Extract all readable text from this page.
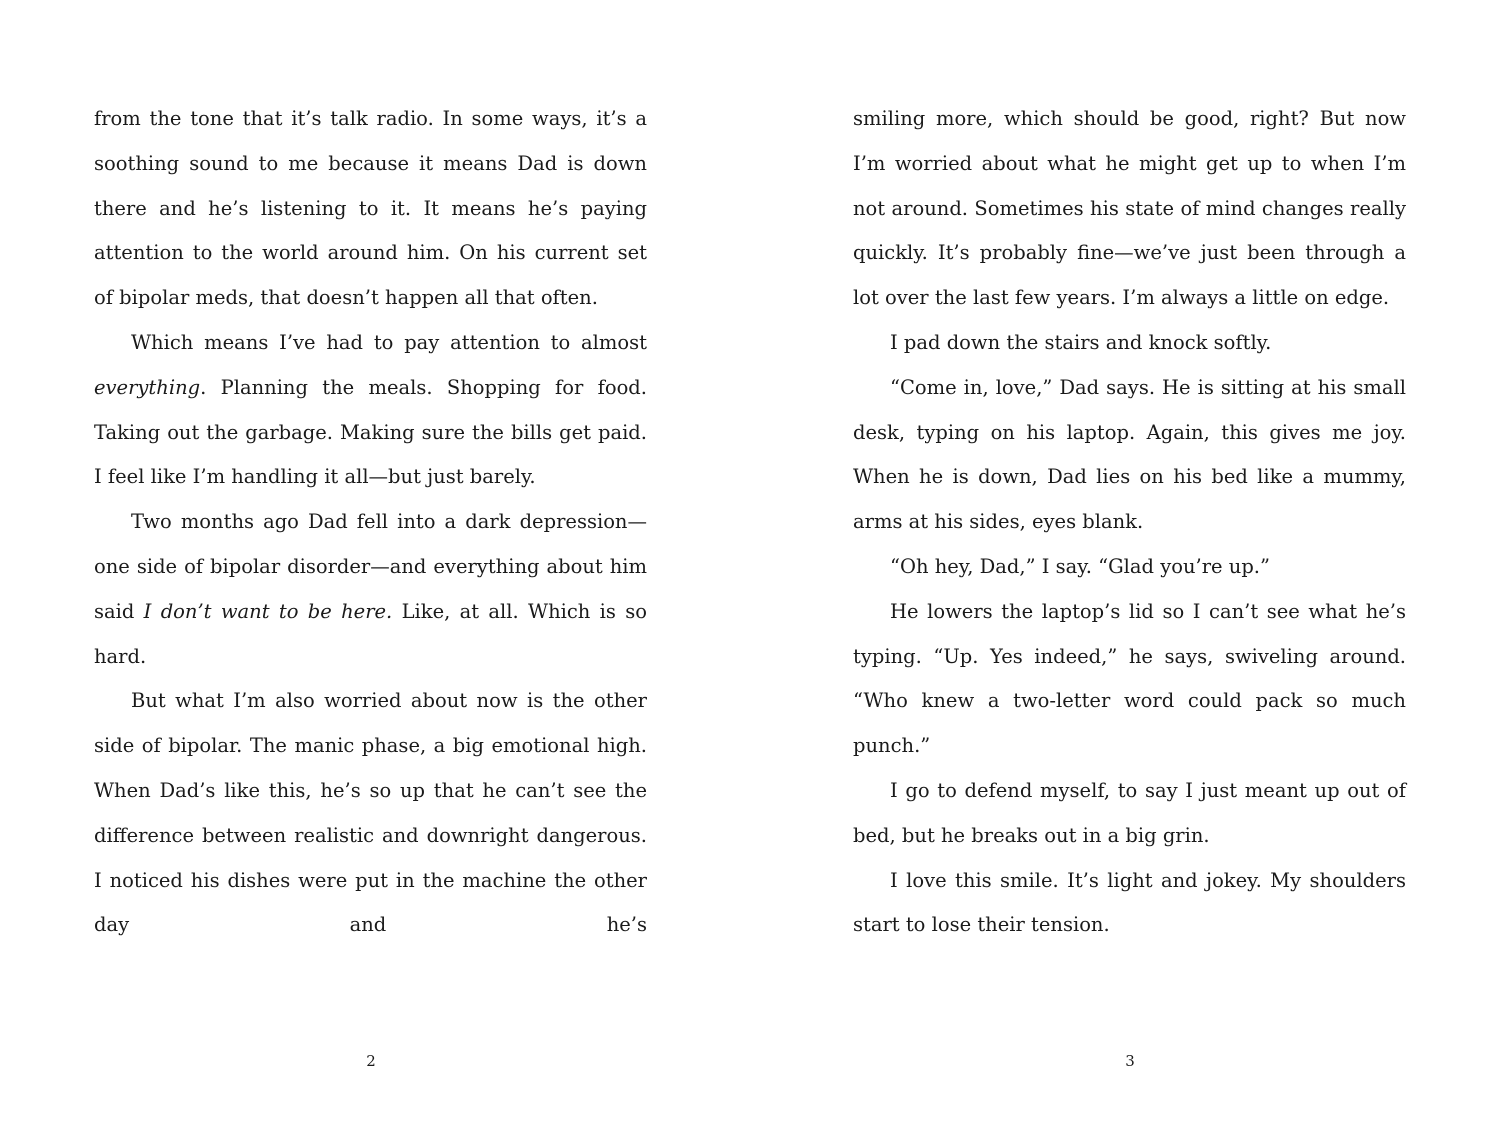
from the tone that it’s talk radio. In some ways, it’s a soothing sound to me because it means Dad is down there and he’s listening to it. It means he’s paying attention to the world around him. On his current set of bipolar meds, that doesn’t happen all that often.

Which means I’ve had to pay attention to almost everything. Planning the meals. Shopping for food. Taking out the garbage. Making sure the bills get paid. I feel like I’m handling it all—but just barely.

Two months ago Dad fell into a dark depression—one side of bipolar disorder—and everything about him said I don’t want to be here. Like, at all. Which is so hard.

But what I’m also worried about now is the other side of bipolar. The manic phase, a big emotional high. When Dad’s like this, he’s so up that he can’t see the difference between realistic and downright dangerous. I noticed his dishes were put in the machine the other day and he’s

smiling more, which should be good, right? But now I’m worried about what he might get up to when I’m not around. Sometimes his state of mind changes really quickly. It’s probably fine—we’ve just been through a lot over the last few years. I’m always a little on edge.

I pad down the stairs and knock softly.

“Come in, love,” Dad says. He is sitting at his small desk, typing on his laptop. Again, this gives me joy. When he is down, Dad lies on his bed like a mummy, arms at his sides, eyes blank.

“Oh hey, Dad,” I say. “Glad you’re up.”

He lowers the laptop’s lid so I can’t see what he’s typing. “Up. Yes indeed,” he says, swiveling around. “Who knew a two-letter word could pack so much punch.”

I go to defend myself, to say I just meant up out of bed, but he breaks out in a big grin.

I love this smile. It’s light and jokey. My shoulders start to lose their tension.

2	3
